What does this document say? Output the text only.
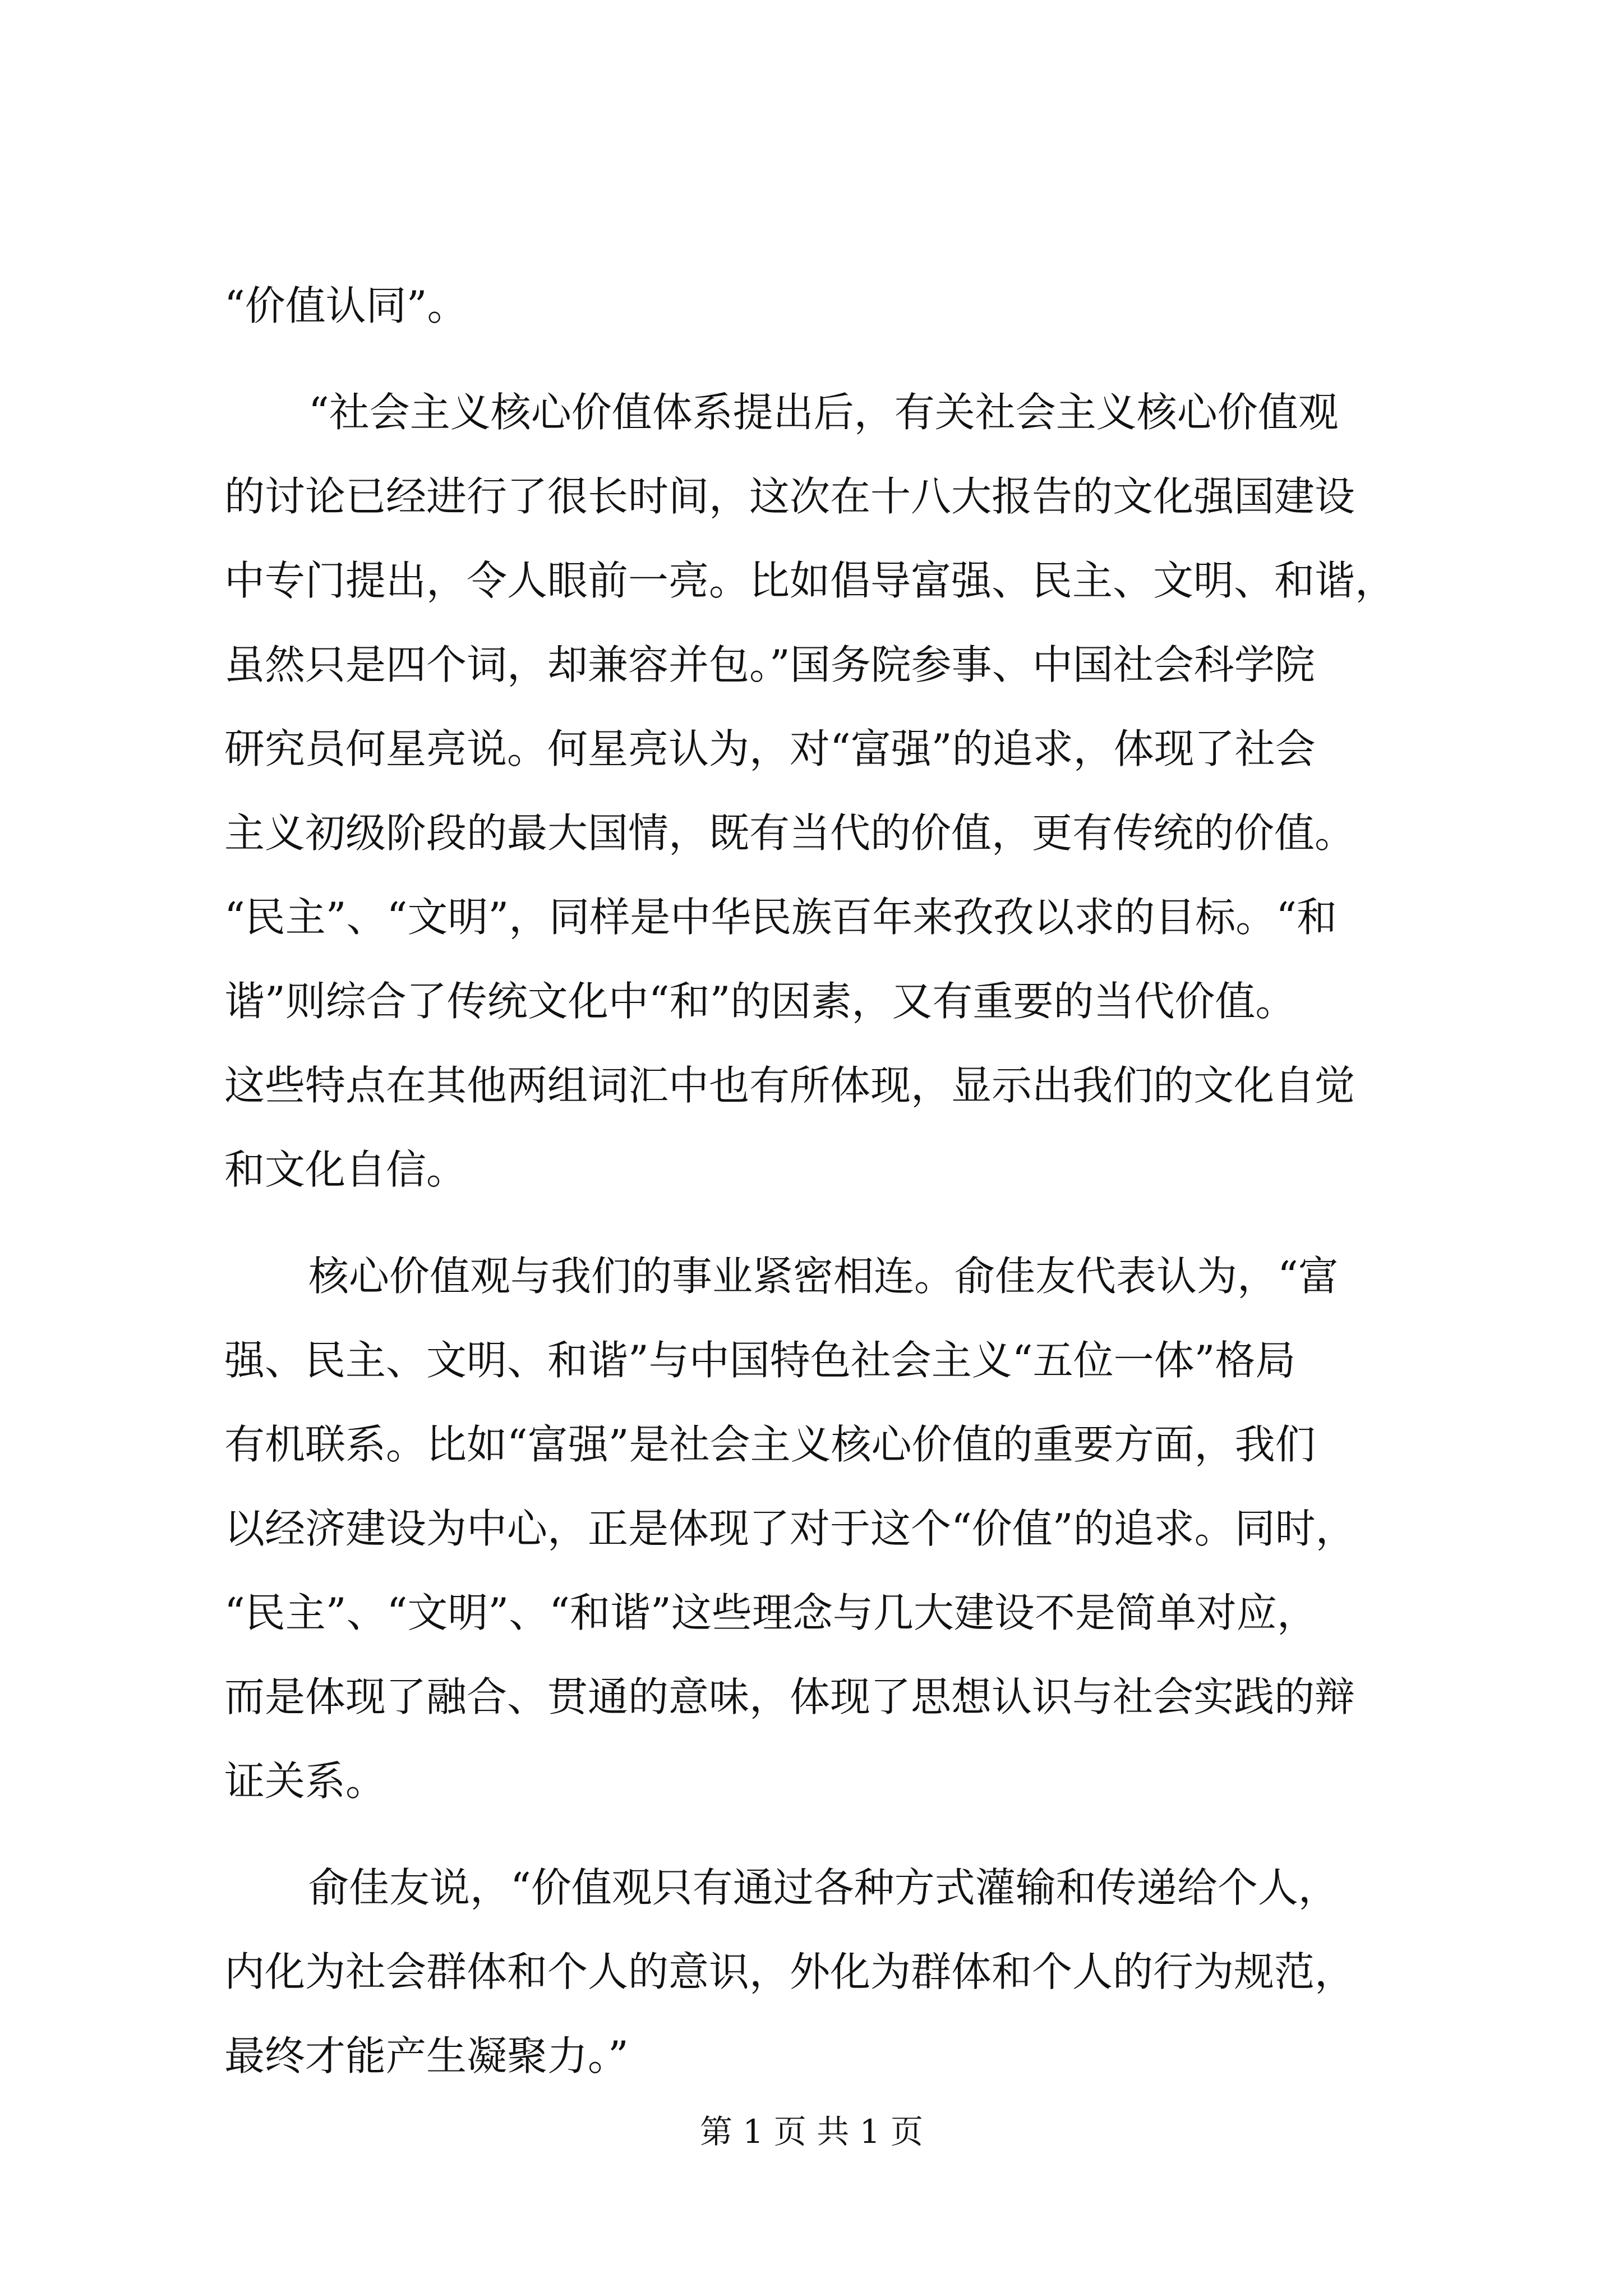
“价值认同”。
“社会主义核心价值体系提出后，有关社会主义核心价值观
的讨论已经进行了很长时间，这次在十八大报告的文化强国建设
中专门提出，令人眼前一亮。比如倡导富强、民主、文明、和谐，
虽然只是四个词，却兼容并包。”国务院参事、中国社会科学院
研究员何星亮说。何星亮认为，对“富强”的追求，体现了社会
主义初级阶段的最大国情，既有当代的价值，更有传统的价值。
“民主”、“文明”，同样是中华民族百年来孜孜以求的目标。“和
谐”则综合了传统文化中“和”的因素，又有重要的当代价值。
这些特点在其他两组词汇中也有所体现，显示出我们的文化自觉
和文化自信。
核心价值观与我们的事业紧密相连。俞佳友代表认为，“富
强、民主、文明、和谐”与中国特色社会主义“五位一体”格局
有机联系。比如“富强”是社会主义核心价值的重要方面，我们
以经济建设为中心，正是体现了对于这个“价值”的追求。同时，
“民主”、“文明”、“和谐”这些理念与几大建设不是简单对应，
而是体现了融合、贯通的意味，体现了思想认识与社会实践的辩
证关系。
俞佳友说，“价值观只有通过各种方式灌输和传递给个人，
内化为社会群体和个人的意识，外化为群体和个人的行为规范，
最终才能产生凝聚力。”
第 1 页 共 1 页
